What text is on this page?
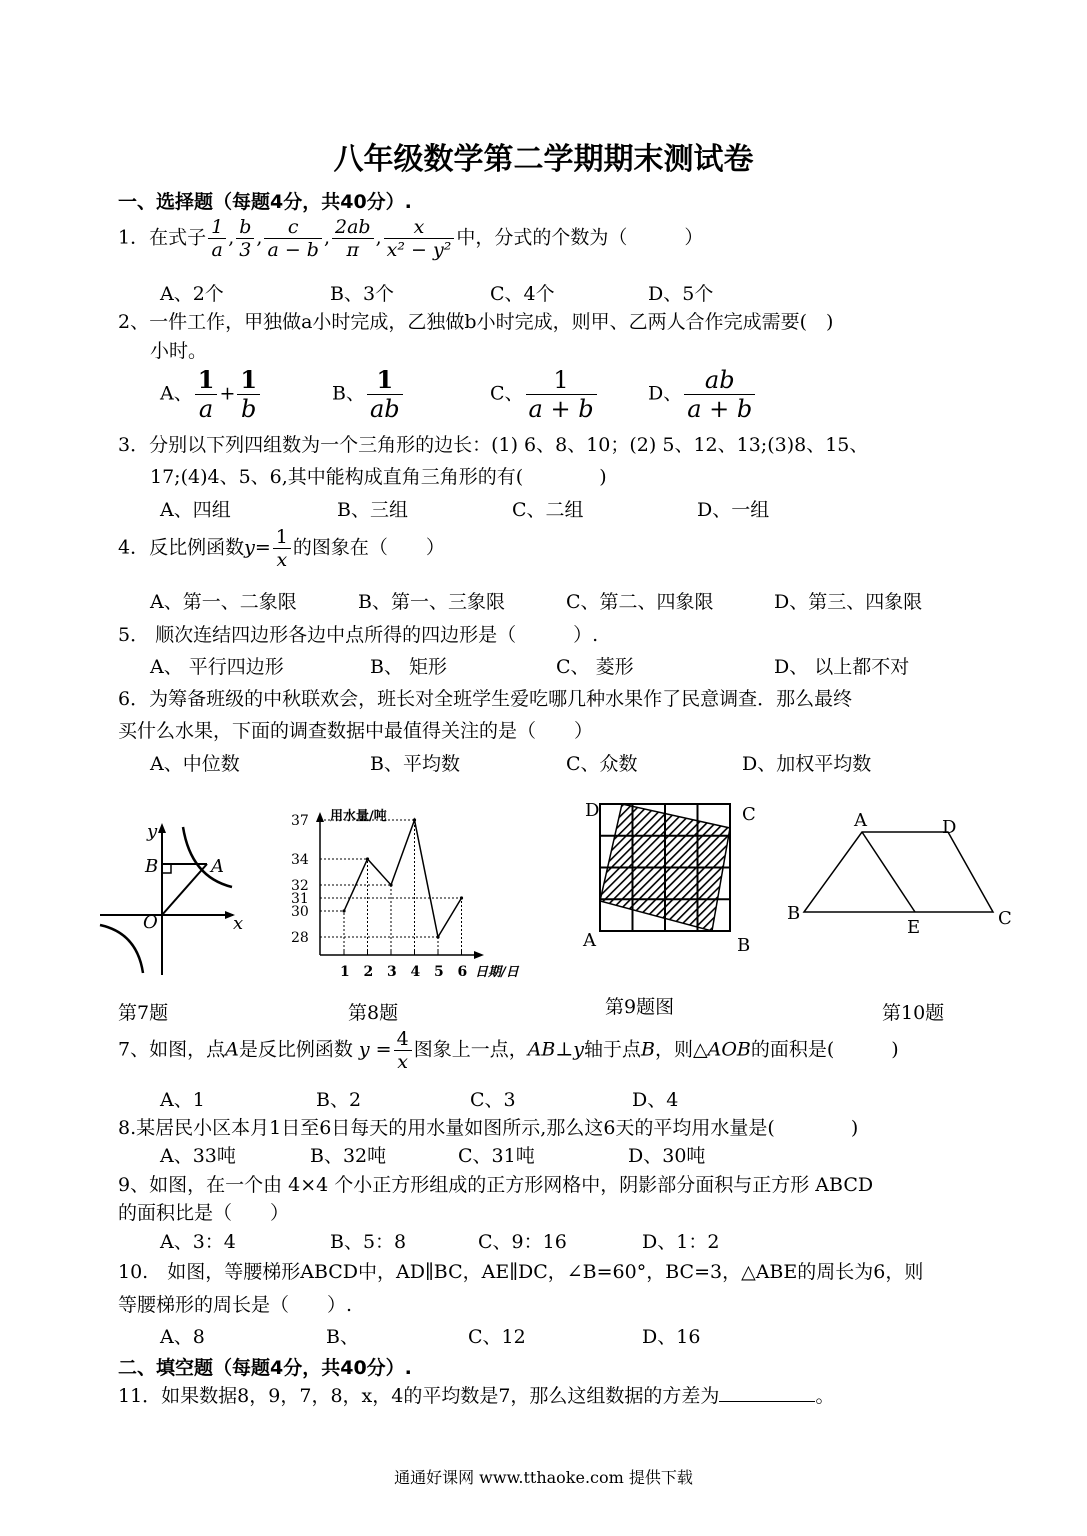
八年级数学第二学期期末测试卷
一、选择题（每题4分，共40分）.
1．在式子 $\frac{1}{a}$ , $\frac{b}{3}$ , $\frac{c}{a - b}$ , $\frac{2ab}{\pi}$ , $\frac{x}{\text{x² − y²}}$ 中，分式的个数为（　　　）
A、2个	B、3个	C、4个	D、5个
2、一件工作，甲独做a小时完成，乙独做b小时完成，则甲、乙两人合作完成需要(　)
小时。
A、 $\frac{1}{a} + \frac{1}{b}$	B、 $\frac{1}{ab}$	C、 $\frac{1}{a + b}$	D、 $\frac{ab}{a + b}$
3．分别以下列四组数为一个三角形的边长：(1) 6、8、10；(2) 5、12、13;(3)8、15、
17;(4)4、5、6,其中能构成直角三角形的有(　　　　)
A、四组	B、三组	C、二组	D、一组
4．反比例函数$y= \frac{1}{x}$ 的图象在（　　）
A、第一、二象限	B、第一、三象限	C、第二、四象限	D、第三、四象限
5． 顺次连结四边形各边中点所得的四边形是（　　　）.
A、 平行四边形	B、 矩形	C、 菱形	D、 以上都不对
6．为筹备班级的中秋联欢会，班长对全班学生爱吃哪几种水果作了民意调查．那么最终
买什么水果，下面的调查数据中最值得关注的是（　　）
A、中位数	B、平均数	C、众数	D、加权平均数
y
x
O
A
B
第7题
用水量/吨
日期/日
28
30
31
32
34
37
1 2 3 4 5 6
第8题
D	C
A	B
第9题图
A	D
B	C
E
第10题
7、如图，点A是反比例函数 $y = \frac{4}{x}$ 图象上一点，AB⊥y轴于点B，则△AOB的面积是(　　　)
A、1	B、2	C、3	D、4
8.某居民小区本月1日至6日每天的用水量如图所示,那么这6天的平均用水量是(　　　　)
A、33吨	B、32吨	C、31吨	D、30吨
9、如图，在一个由 4×4 个小正方形组成的正方形网格中，阴影部分面积与正方形 ABCD
的面积比是（　　）
A、3：4	B、5：8	C、9：16	D、1：2
10.　如图，等腰梯形ABCD中，AD∥BC，AE∥DC，∠B=60°，BC=3，△ABE的周长为6，则
等腰梯形的周长是（　　）.
A、8	B、	C、12	D、16
二、填空题（每题4分，共40分）.
11．如果数据8，9，7，8，x，4的平均数是7，那么这组数据的方差为	。
通通好课网 www.tthaoke.com 提供下载
